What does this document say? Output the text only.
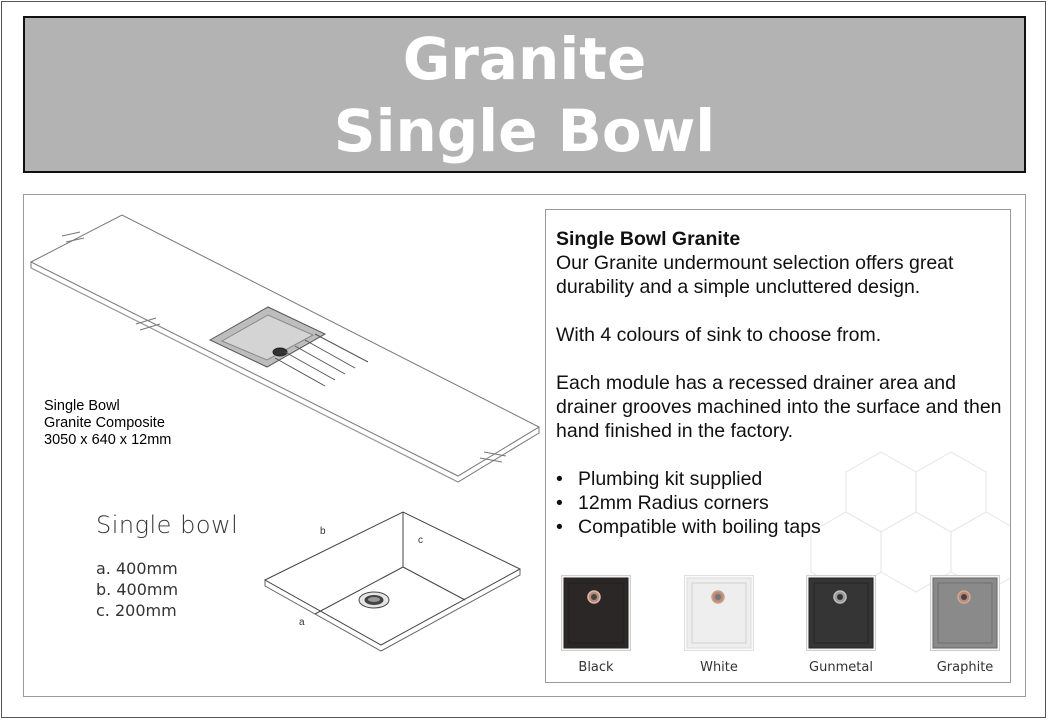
Granite
Single Bowl
b
c
a
Single Bowl
Granite Composite
3050 x 640 x 12mm
Single bowl
a. 400mm
b. 400mm
c. 200mm

Single Bowl Granite

Our Granite undermount selection offers great durability and a simple uncluttered design.

With 4 colours of sink to choose from.

Each module has a recessed drainer area and drainer grooves machined into the surface and then hand finished in the factory.

• Plumbing kit supplied
• 12mm Radius corners
• Compatible with boiling taps
Black	White	Gunmetal	Graphite
